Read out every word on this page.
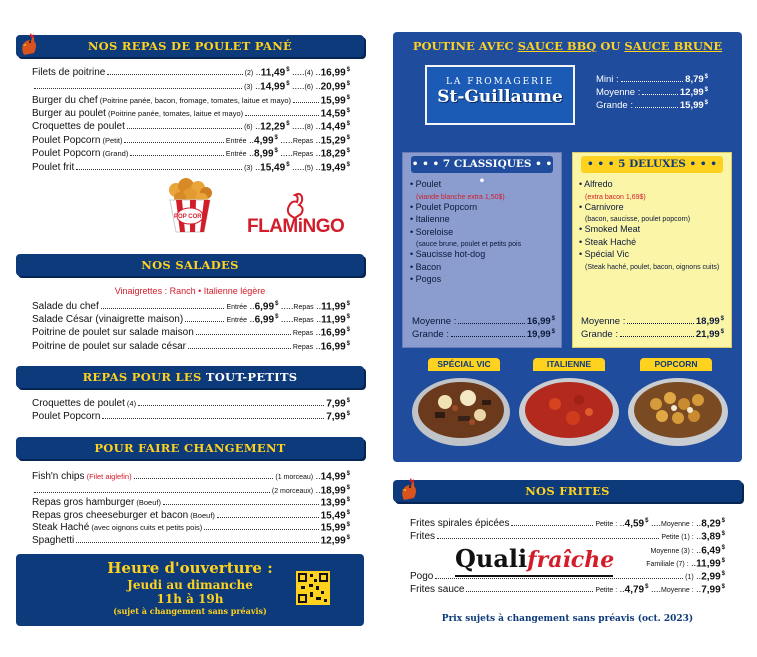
NOS REPAS DE POULET PANÉ
POP CORN FLAMiNGO
NOS SALADES
Vinaigrettes : Ranch • Italienne légère
REPAS POUR LES TOUT-PETITS
POUR FAIRE CHANGEMENT
Heure d'ouverture :
Jeudi au dimanche
11h à 19h
(sujet à changement sans préavis)
POUTINE AVEC SAUCE BBQ OU SAUCE BRUNE
LA FROMAGERIE
St-Guillaume
• • • 7 CLASSIQUES • • •
• • • 5 DELUXES • • •
SPÉCIAL VIC	ITALIENNE	POPCORN
NOS FRITES
Qualifraîche
Prix sujets à changement sans préavis (oct. 2023)
Filets de poitrine	(2) .. 11,49$ ..... (4) .. 16,99$
(3) .. 14,99$ ..... (6) .. 20,99$
Burger du chef (Poitrine panée, bacon, fromage, tomates, laitue et mayo)	15,99$
Burger au poulet (Poitrine panée, tomates, laitue et mayo)	14,59$
Croquettes de poulet	(6) .. 12,29$ ..... (8) .. 14,49$
Poulet Popcorn (Petit)	Entrée .. 4,99$ ..... Repas .. 15,29$
Poulet Popcorn (Grand)	Entrée .. 8,99$ ..... Repas .. 18,29$
Poulet frit	(3) .. 15,49$ ..... (5) .. 19,49$
Salade du chef	Entrée .. 6,99$ ..... Repas .. 11,99$
Salade César (vinaigrette maison)	Entrée .. 6,99$ ..... Repas .. 11,99$
Poitrine de poulet sur salade maison	Repas .. 16,99$
Poitrine de poulet sur salade césar	Repas .. 16,99$
Croquettes de poulet (4)	7,99$
Poulet Popcorn	7,99$
Fish'n chips (Filet aiglefin)	(1 morceau) .. 14,99$
(2 morceaux) .. 18,99$
Repas gros hamburger (Boeuf)	13,99$
Repas gros cheeseburger et bacon (Boeuf)	15,49$
Steak Haché (avec oignons cuits et petits pois)	15,99$
Spaghetti	12,99$
Mini :	8,79$
Moyenne :	12,99$
Grande :	15,99$
• Poulet
(viande blanche extra 1,50$)
• Poulet Popcorn
• Italienne
• Soreloise
(sauce brune, poulet et petits pois
• Saucisse hot-dog
• Bacon
• Pogos
Moyenne :	16,99$
Grande :	19,99$
• Alfredo
(extra bacon 1,69$)
• Carnivore
(bacon, saucisse, poulet popcorn)
• Smoked Meat
• Steak Haché
• Spécial Vic
(Steak haché, poulet, bacon, oignons cuits)
Moyenne :	18,99$
Grande :	21,99$
Frites spirales épicées	Petite : .. 4,59$ .... Moyenne : .. 8,29$
Frites	Petite (1) : .. 3,89$
Moyenne (3) : .. 6,49$
Familiale (7) : .. 11,99$
Pogo	(1) .. 2,99$
Frites sauce	Petite : .. 4,79$ .... Moyenne : .. 7,99$
